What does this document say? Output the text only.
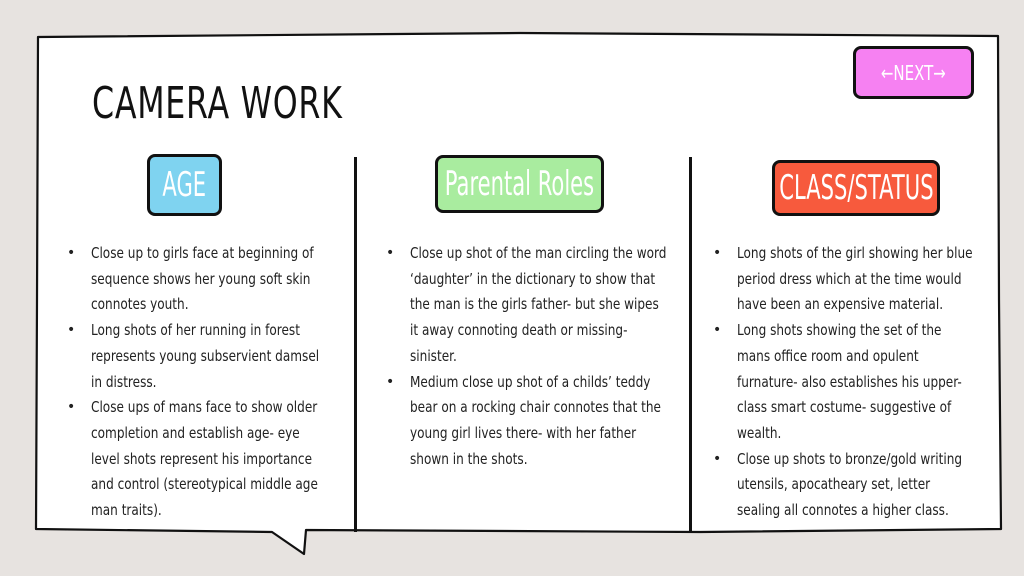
CAMERA WORK
←NEXT→
AGE	Parental Roles	CLASS/STATUS
• Close up to girls face at beginning of sequence shows her young soft skin connotes youth.
• Long shots of her running in forest represents young subservient damsel in distress.
• Close ups of mans face to show older completion and establish age- eye level shots represent his importance and control (stereotypical middle age man traits).
• Close up shot of the man circling the word ‘daughter’ in the dictionary to show that the man is the girls father- but she wipes it away connoting death or missing- sinister.
• Medium close up shot of a childs’ teddy bear on a rocking chair connotes that the young girl lives there- with her father shown in the shots.
• Long shots of the girl showing her blue period dress which at the time would have been an expensive material.
• Long shots showing the set of the mans office room and opulent furnature- also establishes his upper-class smart costume- suggestive of wealth.
• Close up shots to bronze/gold writing utensils, apocatheary set, letter sealing all connotes a higher class.
